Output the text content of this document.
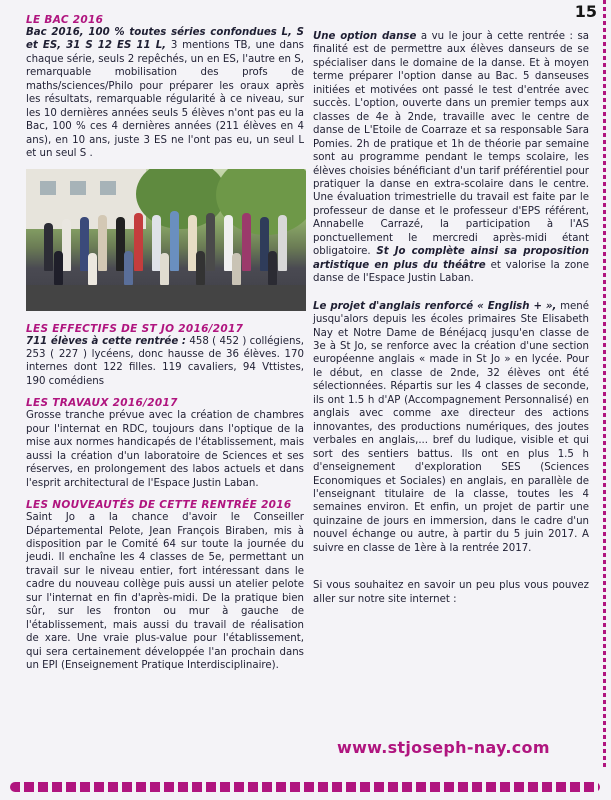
15
LE BAC 2016

Bac 2016, 100 % toutes séries confondues L, S et ES, 31 S 12 ES 11 L, 3 mentions TB, une dans chaque série, seuls 2 repêchés, un en ES, l'autre en S, remarquable mobilisation des profs de maths/sciences/Philo pour préparer les oraux après les résultats, remarquable régularité à ce niveau, sur les 10 dernières années seuls 5 élèves n'ont pas eu la Bac, 100 % ces 4 dernières années (211 élèves en 4 ans), en 10 ans, juste 3 ES ne l'ont pas eu, un seul L et un seul S .

LES EFFECTIFS DE ST JO 2016/2017

711 élèves à cette rentrée : 458 ( 452 ) collégiens, 253 ( 227 ) lycéens, donc hausse de 36 élèves. 170 internes dont 122 filles. 119 cavaliers, 94 Vttistes, 190 comédiens

LES TRAVAUX 2016/2017

Grosse tranche prévue avec la création de chambres pour l'internat en RDC, toujours dans l'optique de la mise aux normes handicapés de l'établissement, mais aussi la création d'un laboratoire de Sciences et ses réserves, en prolongement des labos actuels et dans l'esprit architectural de l'Espace Justin Laban.

LES NOUVEAUTÉS DE CETTE RENTRÉE 2016

Saint Jo a la chance d'avoir le Conseiller Départemental Pelote, Jean François Biraben, mis à disposition par le Comité 64 sur toute la journée du jeudi. Il enchaîne les 4 classes de 5e, permettant un travail sur le niveau entier, fort intéressant dans le cadre du nouveau collège puis aussi un atelier pelote sur l'internat en fin d'après-midi. De la pratique bien sûr, sur les fronton ou mur à gauche de l'établissement, mais aussi du travail de réalisation de xare. Une vraie plus-value pour l'établissement, qui sera certainement développée l'an prochain dans un EPI (Enseignement Pratique Interdisciplinaire).

Une option danse a vu le jour à cette rentrée : sa finalité est de permettre aux élèves danseurs de se spécialiser dans le domaine de la danse. Et à moyen terme préparer l'option danse au Bac. 5 danseuses initiées et motivées ont passé le test d'entrée avec succès. L'option, ouverte dans un premier temps aux classes de 4e à 2nde, travaille avec le centre de danse de L'Etoile de Coarraze et sa responsable Sara Pomies. 2h de pratique et 1h de théorie par semaine sont au programme pendant le temps scolaire, les élèves choisies bénéficiant d'un tarif préférentiel pour pratiquer la danse en extra-scolaire dans le centre. Une évaluation trimestrielle du travail est faite par le professeur de danse et le professeur d'EPS référent, Annabelle Carrazé, la participation à l'AS ponctuellement le mercredi après-midi étant obligatoire. St Jo complète ainsi sa proposition artistique en plus du théâtre et valorise la zone danse de l'Espace Justin Laban.

Le projet d'anglais renforcé « English + », mené jusqu'alors depuis les écoles primaires Ste Elisabeth Nay et Notre Dame de Bénéjacq jusqu'en classe de 3e à St Jo, se renforce avec la création d'une section européenne anglais « made in St Jo » en lycée. Pour le début, en classe de 2nde, 32 élèves ont été sélectionnées. Répartis sur les 4 classes de seconde, ils ont 1.5 h d'AP (Accompagnement Personnalisé) en anglais avec comme axe directeur des actions innovantes, des productions numériques, des joutes verbales en anglais,... bref du ludique, visible et qui sort des sentiers battus. Ils ont en plus 1.5 h d'enseignement d'exploration SES (Sciences Economiques et Sociales) en anglais, en parallèle de l'enseignant titulaire de la classe, toutes les 4 semaines environ. Et enfin, un projet de partir une quinzaine de jours en immersion, dans le cadre d'un nouvel échange ou autre, à partir du 5 juin 2017. A suivre en classe de 1ère à la rentrée 2017.

Si vous souhaitez en savoir un peu plus vous pouvez aller sur notre site internet :

www.stjoseph-nay.com
